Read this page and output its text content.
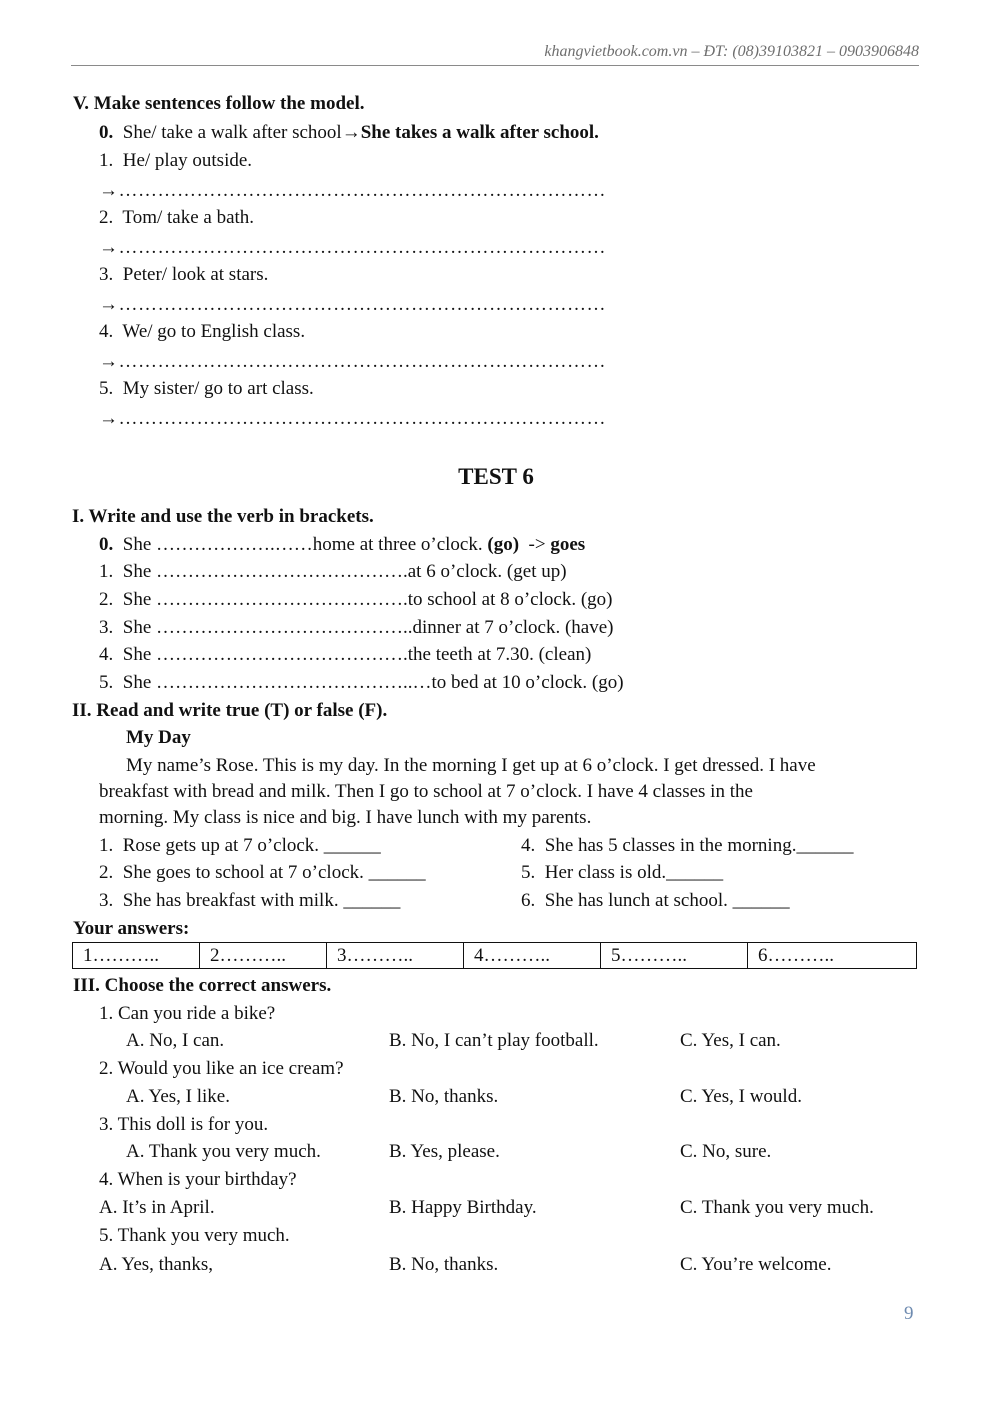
khangvietbook.com.vn – ĐT: (08)39103821 – 0903906848
V. Make sentences follow the model.
0. She/ take a walk after school→She takes a walk after school.
1. He/ play outside.
→…………………………………………………………………
2. Tom/ take a bath.
→…………………………………………………………………
3. Peter/ look at stars.
→…………………………………………………………………
4. We/ go to English class.
→…………………………………………………………………
5. My sister/ go to art class.
→…………………………………………………………………
TEST 6
I. Write and use the verb in brackets.
0. She ……………….……home at three o’clock. (go) -> goes
1. She ………………………………….at 6 o’clock. (get up)
2. She ………………………………….to school at 8 o’clock. (go)
3. She …………………………………..dinner at 7 o’clock. (have)
4. She ………………………………….the teeth at 7.30. (clean)
5. She …………………………………..…to bed at 10 o’clock. (go)
II. Read and write true (T) or false (F).
My Day
My name’s Rose. This is my day. In the morning I get up at 6 o’clock. I get dressed. I have
breakfast with bread and milk. Then I go to school at 7 o’clock. I have 4 classes in the
morning. My class is nice and big. I have lunch with my parents.
1. Rose gets up at 7 o’clock. ______
2. She goes to school at 7 o’clock. ______
3. She has breakfast with milk. ______
4. She has 5 classes in the morning.______
5. Her class is old.______
6. She has lunch at school. ______
Your answers:
1………..	2………..	3………..	4………..	5………..	6………..
III. Choose the correct answers.
1. Can you ride a bike?
A. No, I can.	B. No, I can’t play football.	C. Yes, I can.
2. Would you like an ice cream?
A. Yes, I like.	B. No, thanks.	C. Yes, I would.
3. This doll is for you.
A. Thank you very much.	B. Yes, please.	C. No, sure.
4. When is your birthday?
A. It’s in April.	B. Happy Birthday.	C. Thank you very much.
5. Thank you very much.
A. Yes, thanks,	B. No, thanks.	C. You’re welcome.
9
